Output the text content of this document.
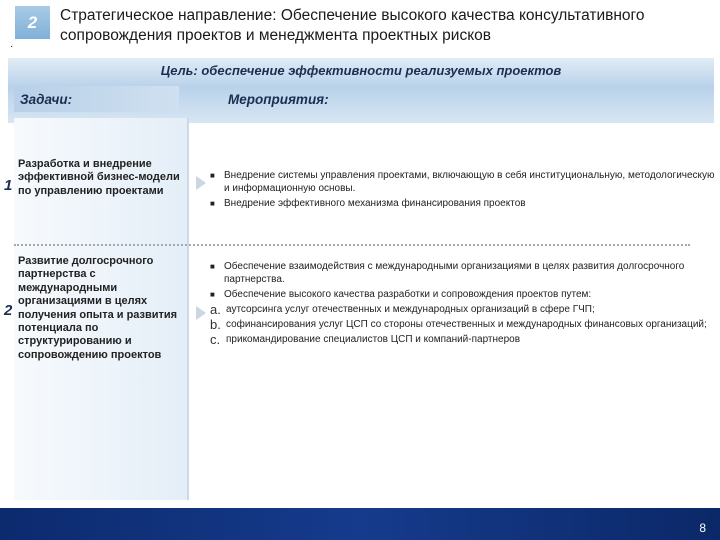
2
·
Стратегическое направление: Обеспечение высокого качества консультативного сопровождения проектов и менеджмента проектных рисков
Цель: обеспечение эффективности реализуемых проектов
Задачи:	Мероприятия:
1
Разработка и внедрение эффективной бизнес-модели по управлению проектами
■ Внедрение системы управления проектами, включающую в себя институциональную, методологическую и информационную основы.
■ Внедрение эффективного механизма финансирования проектов
2
Развитие долгосрочного партнерства с международными организациями в целях получения опыта и развития потенциала по структурированию и сопровождению проектов
■ Обеспечение взаимодействия с международными организациями в целях развития долгосрочного партнерства.
■ Обеспечение высокого качества разработки и сопровождения проектов путем:
a. аутсорсинга услуг отечественных и международных организаций в сфере ГЧП;
b. софинансирования услуг ЦСП со стороны отечественных и международных финансовых организаций;
c. прикомандирование специалистов ЦСП и компаний-партнеров
8
